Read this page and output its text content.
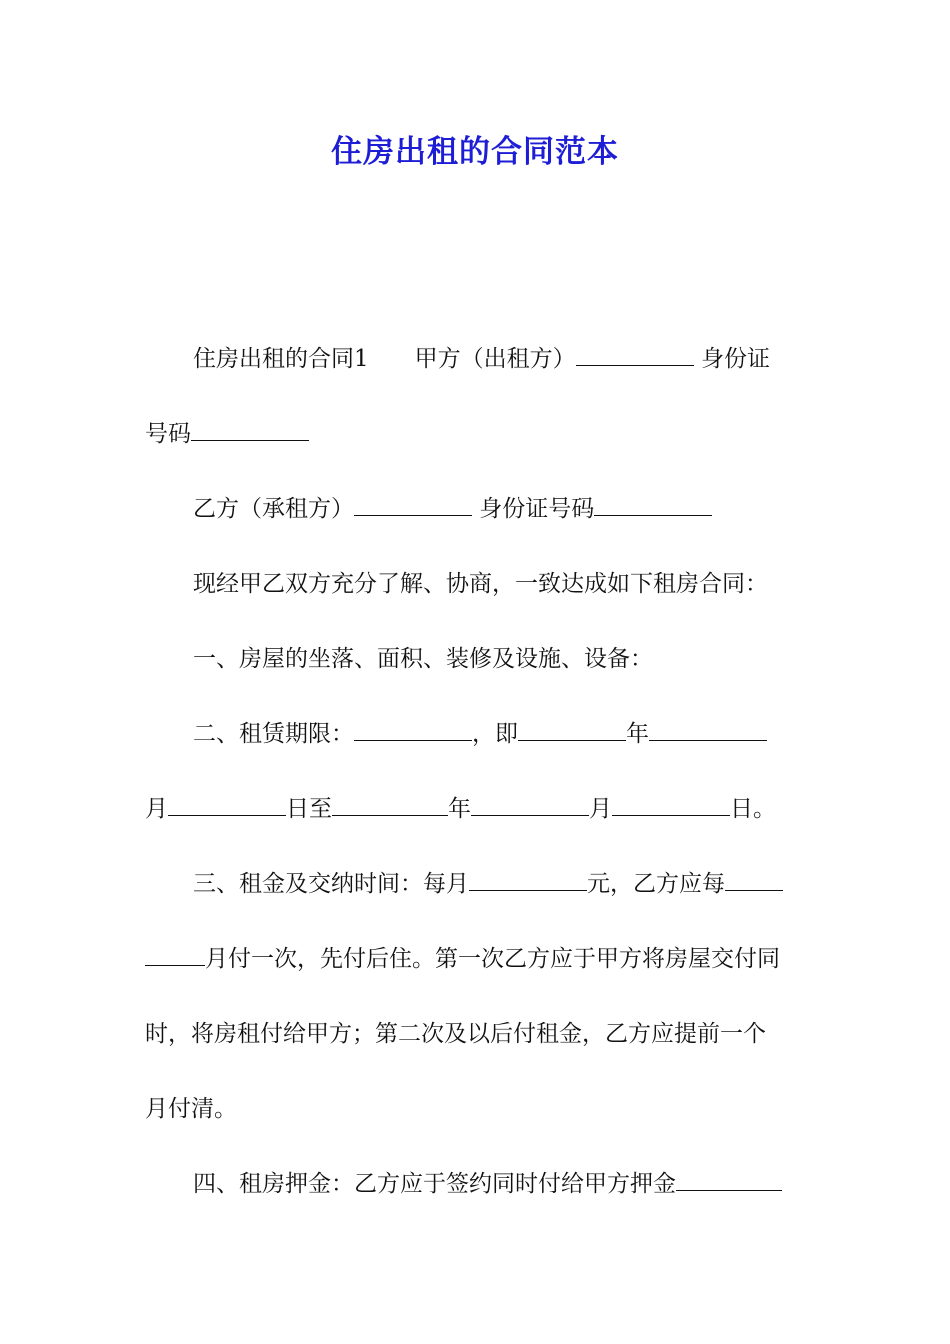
住房出租的合同范本
住房出租的合同1　　甲方（出租方）	身份证
号码
乙方（承租方）	身份证号码
现经甲乙双方充分了解、协商，一致达成如下租房合同：
一、房屋的坐落、面积、装修及设施、设备：
二、租赁期限：	，即	年
月	日至	年	月	日。
三、租金及交纳时间：每月	元，乙方应每
月付一次，先付后住。第一次乙方应于甲方将房屋交付同
时，将房租付给甲方；第二次及以后付租金，乙方应提前一个
月付清。
四、租房押金：乙方应于签约同时付给甲方押金
